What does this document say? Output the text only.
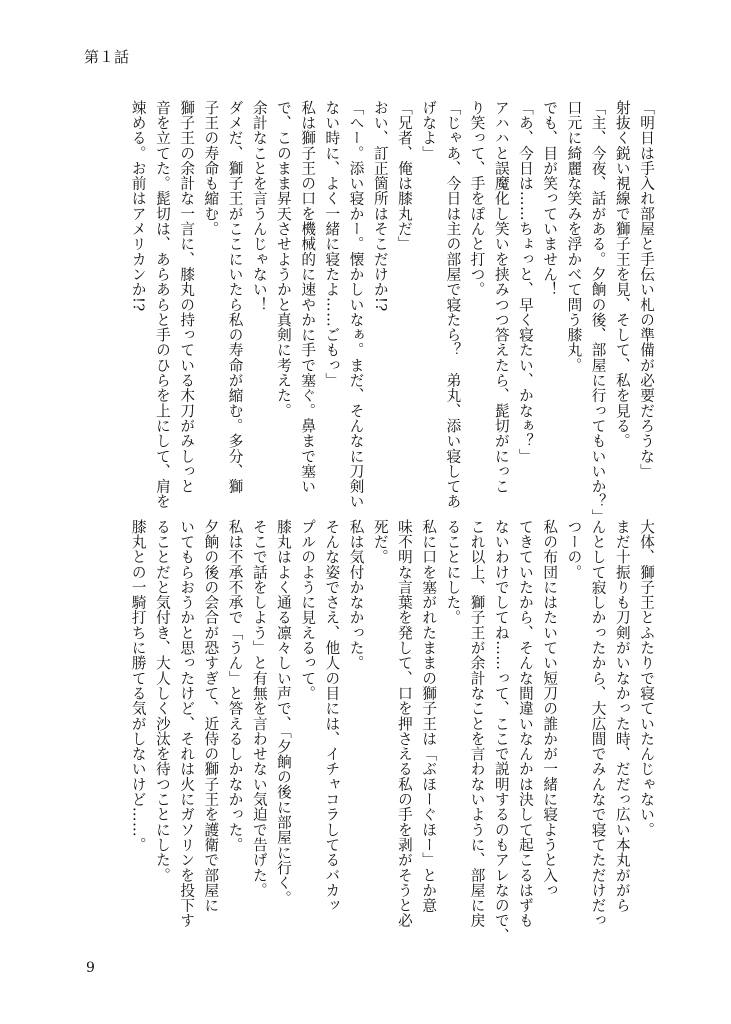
第１話
「明日は手入れ部屋と手伝い札の準備が必要だろうな」
射抜く鋭い視線で獅子王を見、そして、私を見る。
「主、今夜、話がある。夕餉の後、部屋に行ってもいいか？」
口元に綺麗な笑みを浮かべて問う膝丸。
でも、目が笑っていません！
「あ、今日は……ちょっと、早く寝たい、かなぁ？」
アハハと誤魔化し笑いを挟みつつ答えたら、髭切がにっこ
り笑って、手をぽんと打つ。
「じゃあ、今日は主の部屋で寝たら？　弟丸、添い寝してあ
げなよ」
「兄者、俺は膝丸だ」
おい、訂正箇所はそこだけか!?
「へー。添い寝かー。懐かしいなぁ。まだ、そんなに刀剣い
ない時に、よく一緒に寝たよ……ごもっ」
私は獅子王の口を機械的に速やかに手で塞ぐ。鼻まで塞い
で、このまま昇天させようかと真剣に考えた。
余計なことを言うんじゃない！
ダメだ、獅子王がここにいたら私の寿命が縮む。多分、獅
子王の寿命も縮む。
獅子王の余計な一言に、膝丸の持っている木刀がみしっと
音を立てた。髭切は、あらあらと手のひらを上にして、肩を
竦める。お前はアメリカンか!?
大体、獅子王とふたりで寝ていたんじゃない。
まだ十振りも刀剣がいなかった時、だだっ広い本丸ががら
んとして寂しかったから、大広間でみんなで寝てただけだっ
つーの。
私の布団にはたいてい短刀の誰かが一緒に寝ようと入っ
てきていたから、そんな間違いなんかは決して起こるはずも
ないわけでしてね……って、ここで説明するのもアレなので、
これ以上、獅子王が余計なことを言わないように、部屋に戻
ることにした。
私に口を塞がれたままの獅子王は「ぶほーぐほー」とか意
味不明な言葉を発して、口を押さえる私の手を剥がそうと必
死だ。
私は気付かなかった。
そんな姿でさえ、他人の目には、イチャコラしてるバカッ
プルのように見えるって。
膝丸はよく通る凛々しい声で、「夕餉の後に部屋に行く。
そこで話をしよう」と有無を言わせない気迫で告げた。
私は不承不承で「うん」と答えるしかなかった。
夕餉の後の会合が恐すぎて、近侍の獅子王を護衛で部屋に
いてもらおうかと思ったけど、それは火にガソリンを投下す
ることだと気付き、大人しく沙汰を待つことにした。
膝丸との一騎打ちに勝てる気がしないけど……。
9
